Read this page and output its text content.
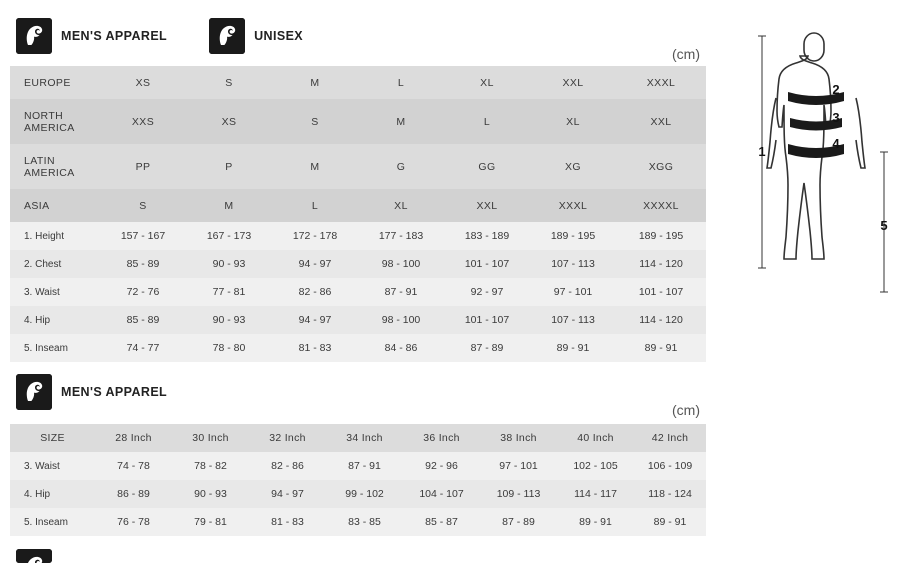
MEN'S APPAREL	UNISEX
(cm)
EUROPE	XS	S	M	L	XL	XXL	XXXL
NORTH
AMERICA	XXS	XS	S	M	L	XL	XXL
LATIN
AMERICA	PP	P	M	G	GG	XG	XGG
ASIA	S	M	L	XL	XXL	XXXL	XXXXL
1. Height	157 - 167	167 - 173	172 - 178	177 - 183	183 - 189	189 - 195	189 - 195
2. Chest	85 - 89	90 - 93	94 - 97	98 - 100	101 - 107	107 - 113	114 - 120
3. Waist	72 - 76	77 - 81	82 - 86	87 - 91	92 - 97	97 - 101	101 - 107
4. Hip	85 - 89	90 - 93	94 - 97	98 - 100	101 - 107	107 - 113	114 - 120
5. Inseam	74 - 77	78 - 80	81 - 83	84 - 86	87 - 89	89 - 91	89 - 91
1
2
3
4
5
MEN'S APPAREL
(cm)
SIZE	28 Inch	30 Inch	32 Inch	34 Inch	36 Inch	38 Inch	40 Inch	42 Inch
3. Waist	74 - 78	78 - 82	82 - 86	87 - 91	92 - 96	97 - 101	102 - 105	106 - 109
4. Hip	86 - 89	90 - 93	94 - 97	99 - 102	104 - 107	109 - 113	114 - 117	118 - 124
5. Inseam	76 - 78	79 - 81	81 - 83	83 - 85	85 - 87	87 - 89	89 - 91	89 - 91
